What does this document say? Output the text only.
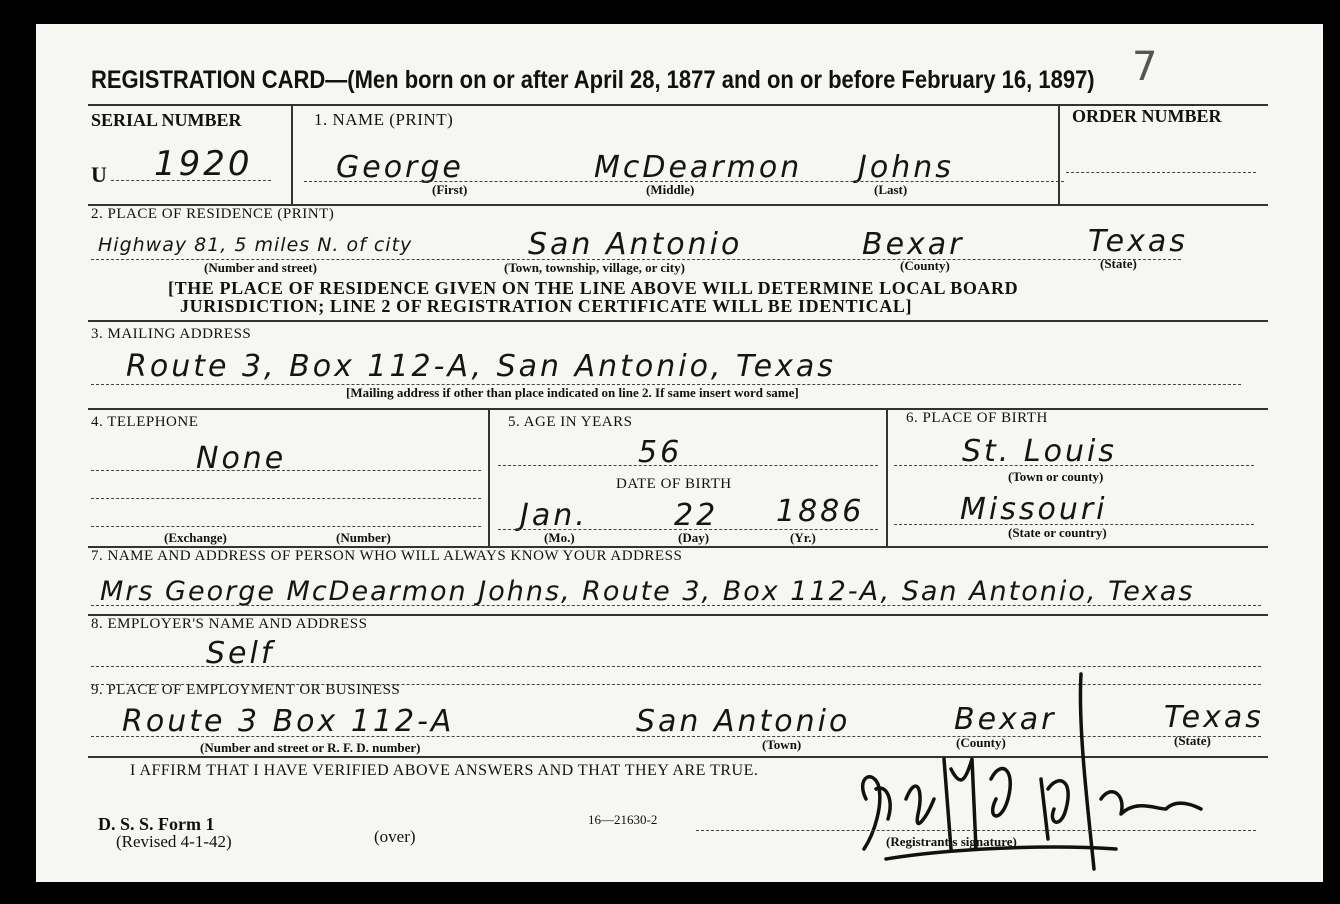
7
REGISTRATION CARD—(Men born on or after April 28, 1877 and on or before February 16, 1897)
SERIAL NUMBER
U 1920
1. NAME (PRINT)
George	McDearmon Johns
(First)	(Middle)	(Last)
ORDER NUMBER
2. PLACE OF RESIDENCE (PRINT)
Highway 81, 5 miles N. of city	San Antonio	Bexar	Texas
(Number and street)	(Town, township, village, or city)	(County)	(State)
[THE PLACE OF RESIDENCE GIVEN ON THE LINE ABOVE WILL DETERMINE LOCAL BOARD
JURISDICTION; LINE 2 OF REGISTRATION CERTIFICATE WILL BE IDENTICAL]
3. MAILING ADDRESS
Route 3, Box 112-A, San Antonio, Texas
[Mailing address if other than place indicated on line 2. If same insert word same]
4. TELEPHONE
None
(Exchange)	(Number)
5. AGE IN YEARS
56
DATE OF BIRTH
Jan.	22 1886
(Mo.)	(Day)	(Yr.)
6. PLACE OF BIRTH
St. Louis
(Town or county)
Missouri
(State or country)
7. NAME AND ADDRESS OF PERSON WHO WILL ALWAYS KNOW YOUR ADDRESS
Mrs George McDearmon Johns, Route 3, Box 112-A, San Antonio, Texas
8. EMPLOYER'S NAME AND ADDRESS
Self
9. PLACE OF EMPLOYMENT OR BUSINESS
Route 3 Box 112-A	San Antonio	Bexar	Texas
(Number and street or R. F. D. number)	(Town)	(County)	(State)
I AFFIRM THAT I HAVE VERIFIED ABOVE ANSWERS AND THAT THEY ARE TRUE.
D. S. S. Form 1
(Revised 4-1-42)	(over)
16—21630-2
(Registrant's signature)
